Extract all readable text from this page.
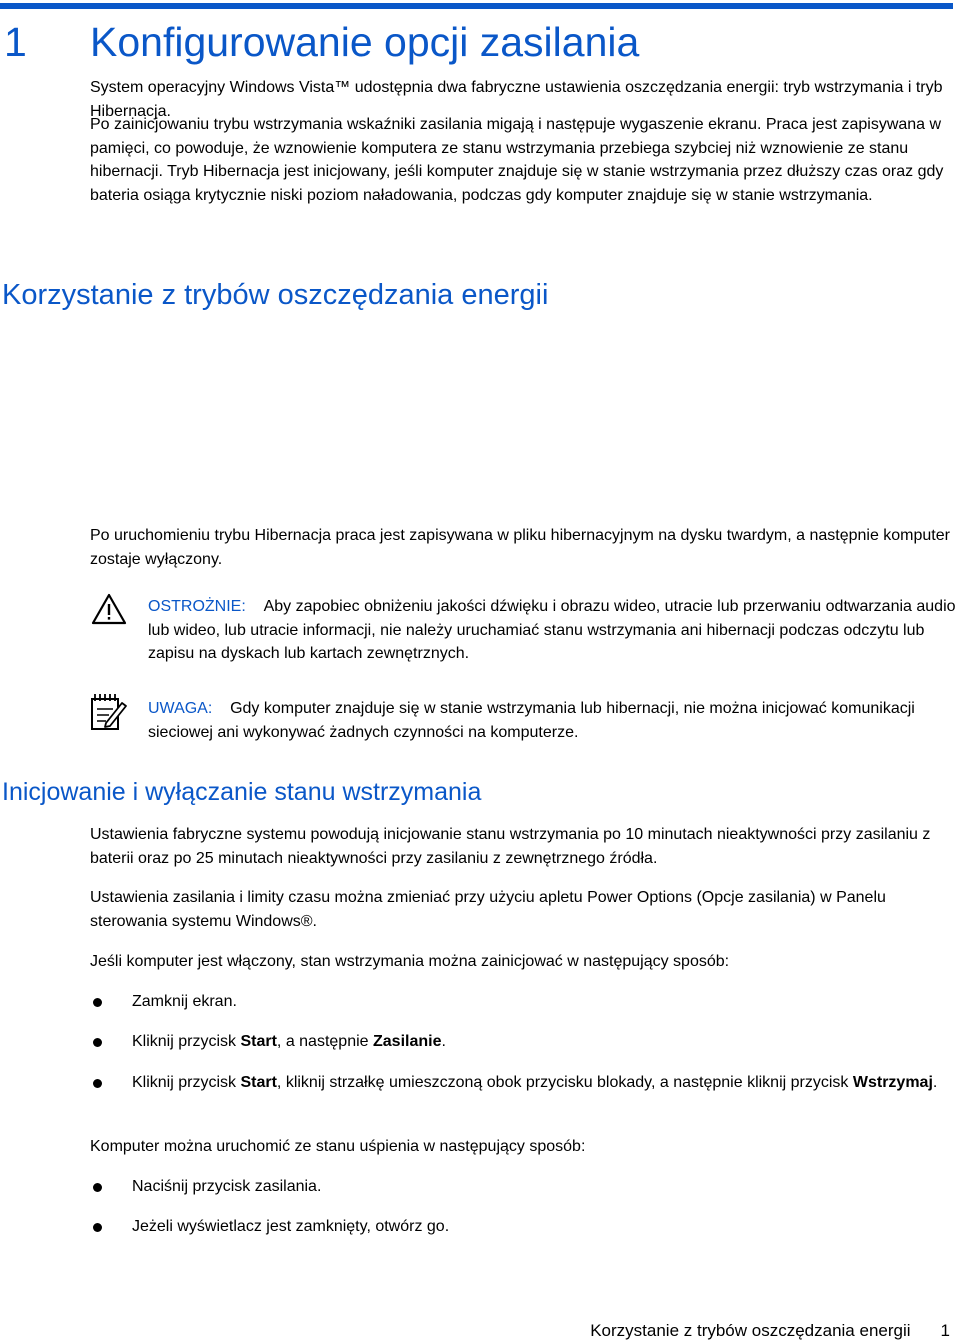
1 Konfigurowanie opcji zasilania
Korzystanie z trybów oszczędzania energii

System operacyjny Windows Vista™ udostępnia dwa fabryczne ustawienia oszczędzania energii: tryb wstrzymania i tryb Hibernacja.

Po zainicjowaniu trybu wstrzymania wskaźniki zasilania migają i następuje wygaszenie ekranu. Praca jest zapisywana w pamięci, co powoduje, że wznowienie komputera ze stanu wstrzymania przebiega szybciej niż wznowienie ze stanu hibernacji. Tryb Hibernacja jest inicjowany, jeśli komputer znajduje się w stanie wstrzymania przez dłuższy czas oraz gdy bateria osiąga krytycznie niski poziom naładowania, podczas gdy komputer znajduje się w stanie wstrzymania.

Po uruchomieniu trybu Hibernacja praca jest zapisywana w pliku hibernacyjnym na dysku twardym, a następnie komputer zostaje wyłączony.

OSTROŻNIE: Aby zapobiec obniżeniu jakości dźwięku i obrazu wideo, utracie lub przerwaniu odtwarzania audio lub wideo, lub utracie informacji, nie należy uruchamiać stanu wstrzymania ani hibernacji podczas odczytu lub zapisu na dyskach lub kartach zewnętrznych.

UWAGA: Gdy komputer znajduje się w stanie wstrzymania lub hibernacji, nie można inicjować komunikacji sieciowej ani wykonywać żadnych czynności na komputerze.

Inicjowanie i wyłączanie stanu wstrzymania

Ustawienia fabryczne systemu powodują inicjowanie stanu wstrzymania po 10 minutach nieaktywności przy zasilaniu z baterii oraz po 25 minutach nieaktywności przy zasilaniu z zewnętrznego źródła.

Ustawienia zasilania i limity czasu można zmieniać przy użyciu apletu Power Options (Opcje zasilania) w Panelu sterowania systemu Windows®.

Jeśli komputer jest włączony, stan wstrzymania można zainicjować w następujący sposób:

Zamknij ekran.
Kliknij przycisk Start, a następnie Zasilanie.
Kliknij przycisk Start, kliknij strzałkę umieszczoną obok przycisku blokady, a następnie kliknij przycisk Wstrzymaj.

Komputer można uruchomić ze stanu uśpienia w następujący sposób:

Naciśnij przycisk zasilania.
Jeżeli wyświetlacz jest zamknięty, otwórz go.
Korzystanie z trybów oszczędzania energii 1
